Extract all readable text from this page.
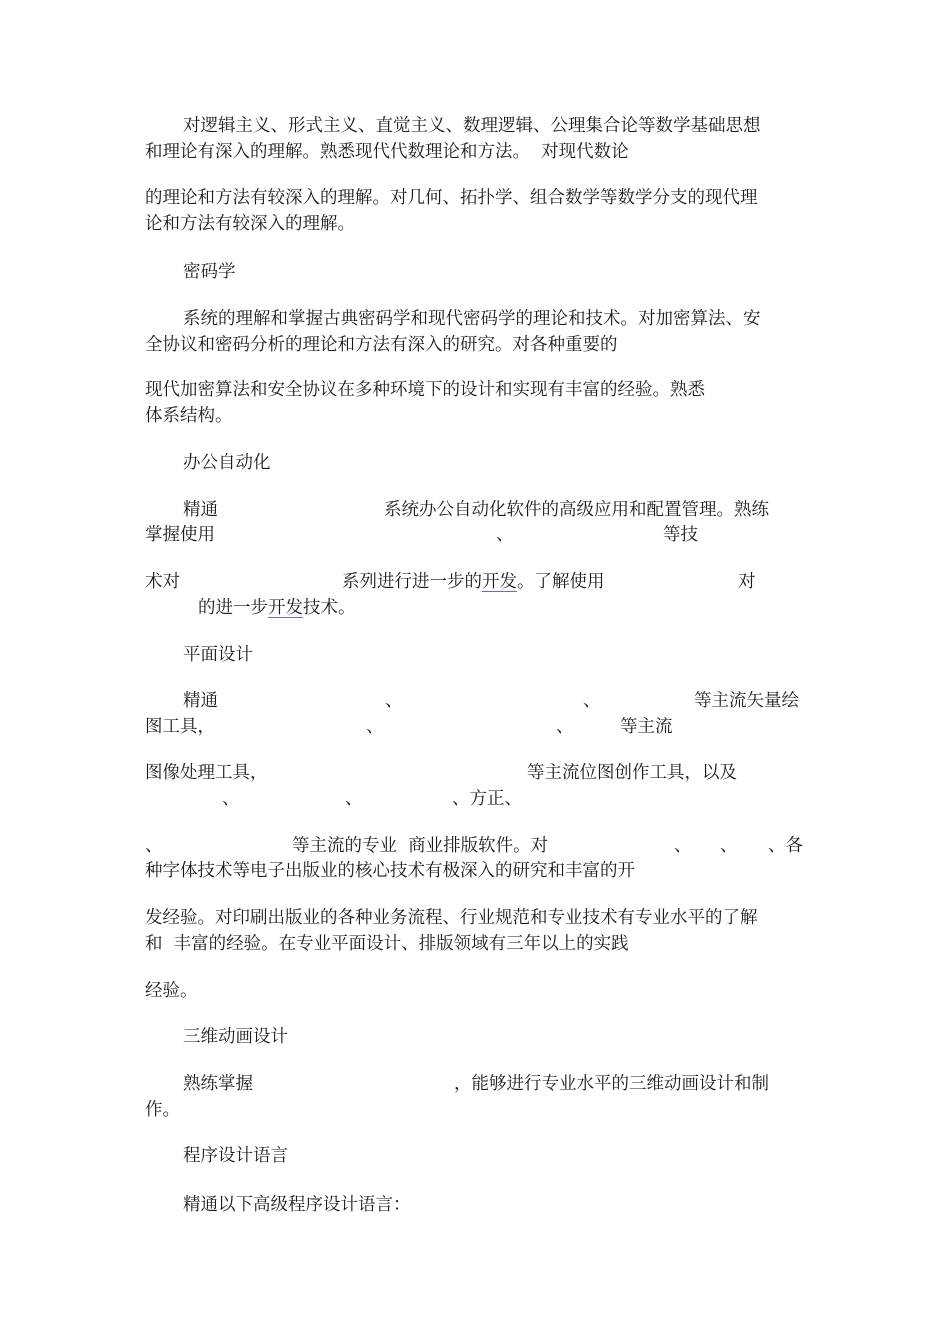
对逻辑主义、形式主义、直觉主义、数理逻辑、公理集合论等数学基础思想
和理论有深入的理解。熟悉现代代数理论和方法。  对现代数论
的理论和方法有较深入的理解。对几何、拓扑学、组合数学等数学分支的现代理
论和方法有较深入的理解。
密码学
系统的理解和掌握古典密码学和现代密码学的理论和技术。对加密算法、安
全协议和密码分析的理论和方法有深入的研究。对各种重要的
现代加密算法和安全协议在多种环境下的设计和实现有丰富的经验。熟悉
体系结构。
办公自动化
精通	系统办公自动化软件的高级应用和配置管理。熟练
掌握使用	、	等技
术对	系列进行进一步的开发。了解使用	对
的进一步开发技术。
平面设计
精通	、	、	等主流矢量绘
图工具，	、	、	等主流
图像处理工具，	等主流位图创作工具，以及
、	、	、方正、
、	等主流的专业  商业排版软件。对	、 、 、各
种字体技术等电子出版业的核心技术有极深入的研究和丰富的开
发经验。对印刷出版业的各种业务流程、行业规范和专业技术有专业水平的了解
和  丰富的经验。在专业平面设计、排版领域有三年以上的实践
经验。
三维动画设计
熟练掌握	，能够进行专业水平的三维动画设计和制
作。
程序设计语言
精通以下高级程序设计语言：
